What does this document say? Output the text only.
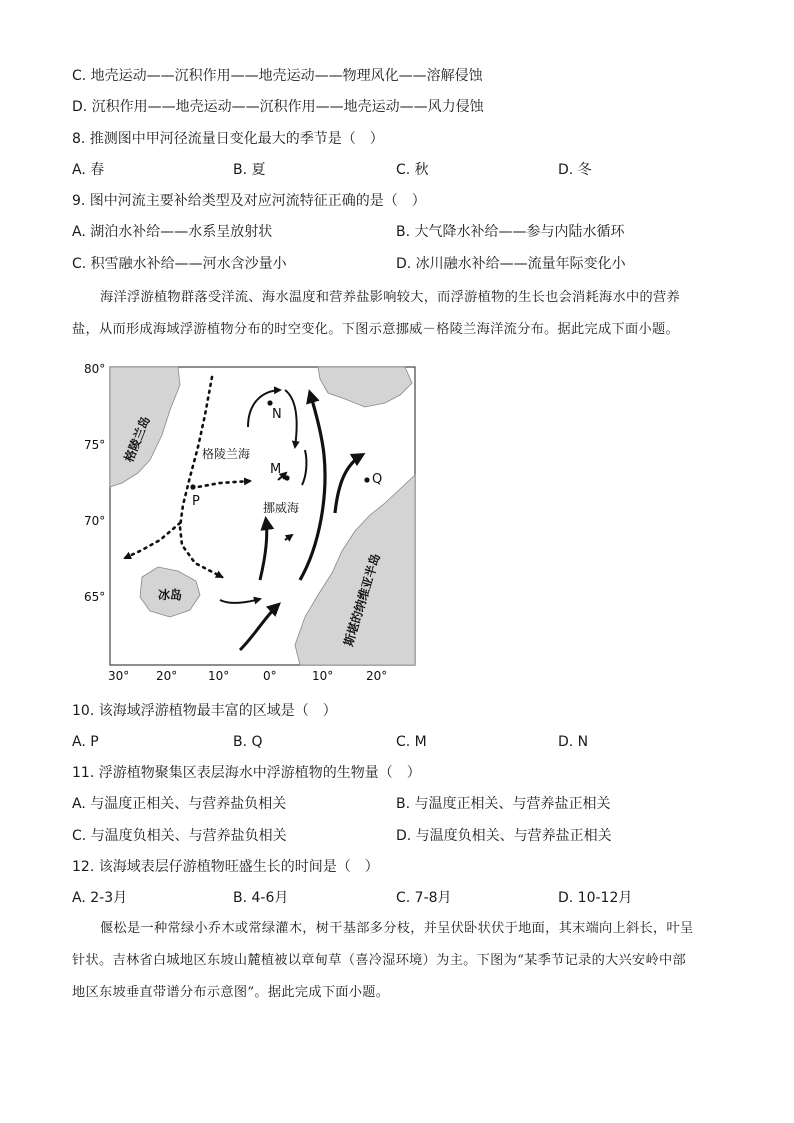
C. 地壳运动——沉积作用——地壳运动——物理风化——溶解侵蚀
D. 沉积作用——地壳运动——沉积作用——地壳运动——风力侵蚀
8. 推测图中甲河径流量日变化最大的季节是（　）
A. 春	B. 夏	C. 秋	D. 冬
9. 图中河流主要补给类型及对应河流特征正确的是（　）
A. 湖泊水补给——水系呈放射状	B. 大气降水补给——参与内陆水循环
C. 积雪融水补给——河水含沙量小	D. 冰川融水补给——流量年际变化小

海洋浮游植物群落受洋流、海水温度和营养盐影响较大，而浮游植物的生长也会消耗海水中的营养

盐，从而形成海域浮游植物分布的时空变化。下图示意挪威－格陵兰海洋流分布。据此完成下面小题。
N
M
P
Q
格陵兰岛	格陵兰海
挪威海
冰岛	斯堪的纳维亚半岛
80°
75°
70°
65°
30° 20°	10°	0°	10°	20°
10. 该海域浮游植物最丰富的区域是（　）
A. P	B. Q	C. M	D. N
11. 浮游植物聚集区表层海水中浮游植物的生物量（　）
A. 与温度正相关、与营养盐负相关	B. 与温度正相关、与营养盐正相关
C. 与温度负相关、与营养盐负相关	D. 与温度负相关、与营养盐正相关
12. 该海域表层仔游植物旺盛生长的时间是（　）
A. 2-3月	B. 4-6月	C. 7-8月	D. 10-12月

偃松是一种常绿小乔木或常绿灌木，树干基部多分枝，并呈伏卧状伏于地面，其末端向上斜长，叶呈

针状。吉林省白城地区东坡山麓植被以章甸草（喜冷湿环境）为主。下图为“某季节记录的大兴安岭中部
地区东坡垂直带谱分布示意图”。据此完成下面小题。
